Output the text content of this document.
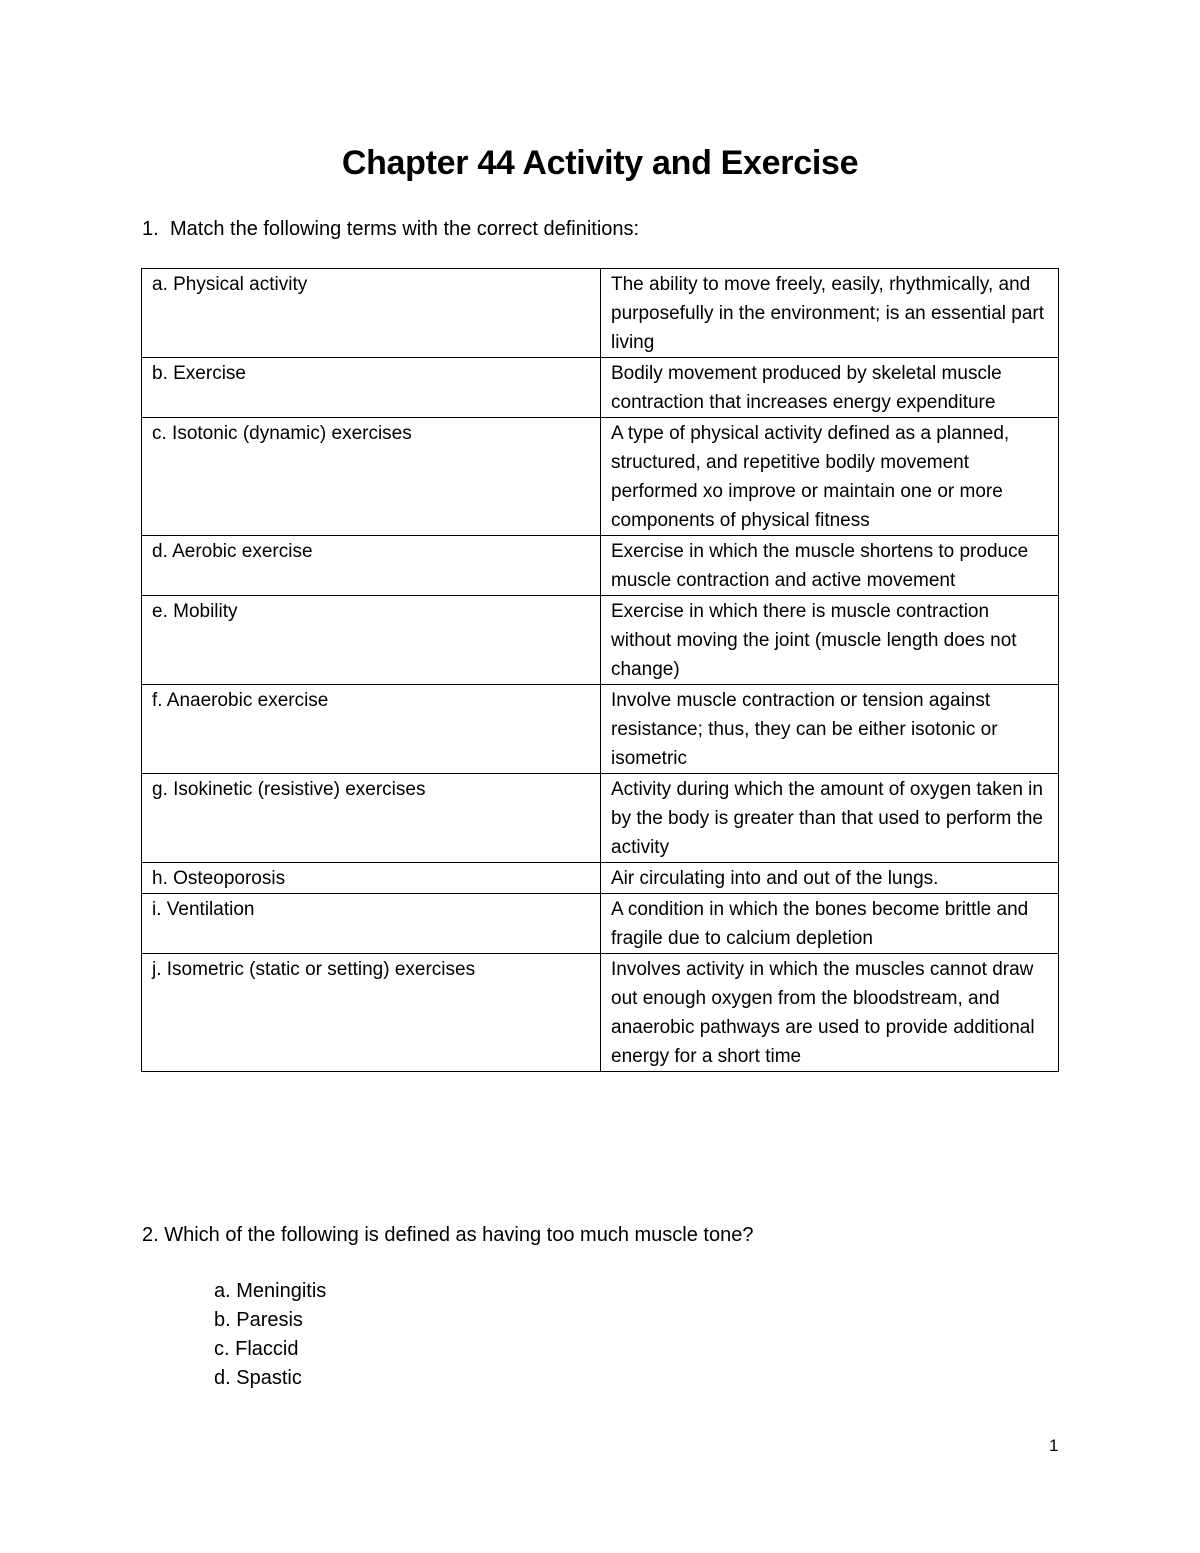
Chapter 44 Activity and Exercise
1. Match the following terms with the correct definitions:
a. Physical activity	The ability to move freely, easily, rhythmically, and purposefully in the environment; is an essential part living
b. Exercise	Bodily movement produced by skeletal muscle contraction that increases energy expenditure
c. Isotonic (dynamic) exercises	A type of physical activity defined as a planned, structured, and repetitive bodily movement performed xo improve or maintain one or more components of physical fitness
d. Aerobic exercise	Exercise in which the muscle shortens to produce muscle contraction and active movement
e. Mobility	Exercise in which there is muscle contraction without moving the joint (muscle length does not change)
f. Anaerobic exercise	Involve muscle contraction or tension against resistance; thus, they can be either isotonic or isometric
g. Isokinetic (resistive) exercises	Activity during which the amount of oxygen taken in by the body is greater than that used to perform the activity
h. Osteoporosis	Air circulating into and out of the lungs.
i. Ventilation	A condition in which the bones become brittle and fragile due to calcium depletion
j. Isometric (static or setting) exercises	Involves activity in which the muscles cannot draw out enough oxygen from the bloodstream, and anaerobic pathways are used to provide additional energy for a short time
2. Which of the following is defined as having too much muscle tone?
a. Meningitis
b. Paresis
c. Flaccid
d. Spastic
1
